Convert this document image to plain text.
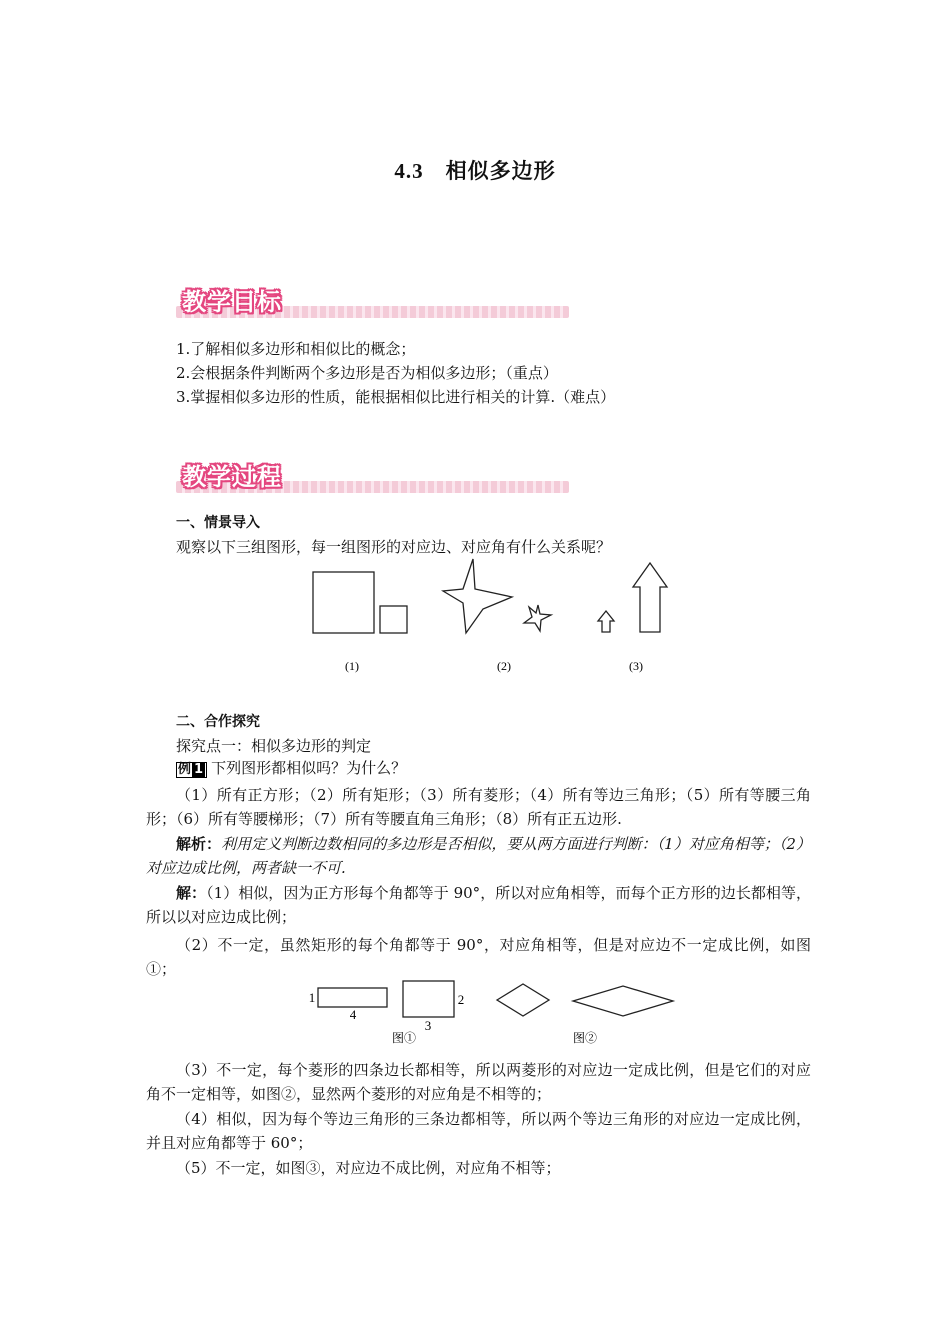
4.3 相似多边形
教学目标
1.了解相似多边形和相似比的概念；
2.会根据条件判断两个多边形是否为相似多边形；（重点）
3.掌握相似多边形的性质，能根据相似比进行相关的计算.（难点）
教学过程
一、情景导入
观察以下三组图形，每一组图形的对应边、对应角有什么关系呢？
(1)	(2)	(3)
二、合作探究
探究点一：相似多边形的判定
例 1 下列图形都相似吗？为什么？
（1）所有正方形；（2）所有矩形；（3）所有菱形；（4）所有等边三角形；（5）所有等腰三角形；（6）所有等腰梯形；（7）所有等腰直角三角形；（8）所有正五边形.
解析：利用定义判断边数相同的多边形是否相似，要从两方面进行判断：（1）对应角相等；（2）对应边成比例，两者缺一不可.
解：（1）相似，因为正方形每个角都等于 90°，所以对应角相等，而每个正方形的边长都相等，所以以对应边成比例；
（2）不一定，虽然矩形的每个角都等于 90°，对应角相等，但是对应边不一定成比例，如图①；
1
4
2
3
图①	图②
（3）不一定，每个菱形的四条边长都相等，所以两菱形的对应边一定成比例，但是它们的对应角不一定相等，如图②，显然两个菱形的对应角是不相等的；
（4）相似，因为每个等边三角形的三条边都相等，所以两个等边三角形的对应边一定成比例，并且对应角都等于 60°；
（5）不一定，如图③，对应边不成比例，对应角不相等；
